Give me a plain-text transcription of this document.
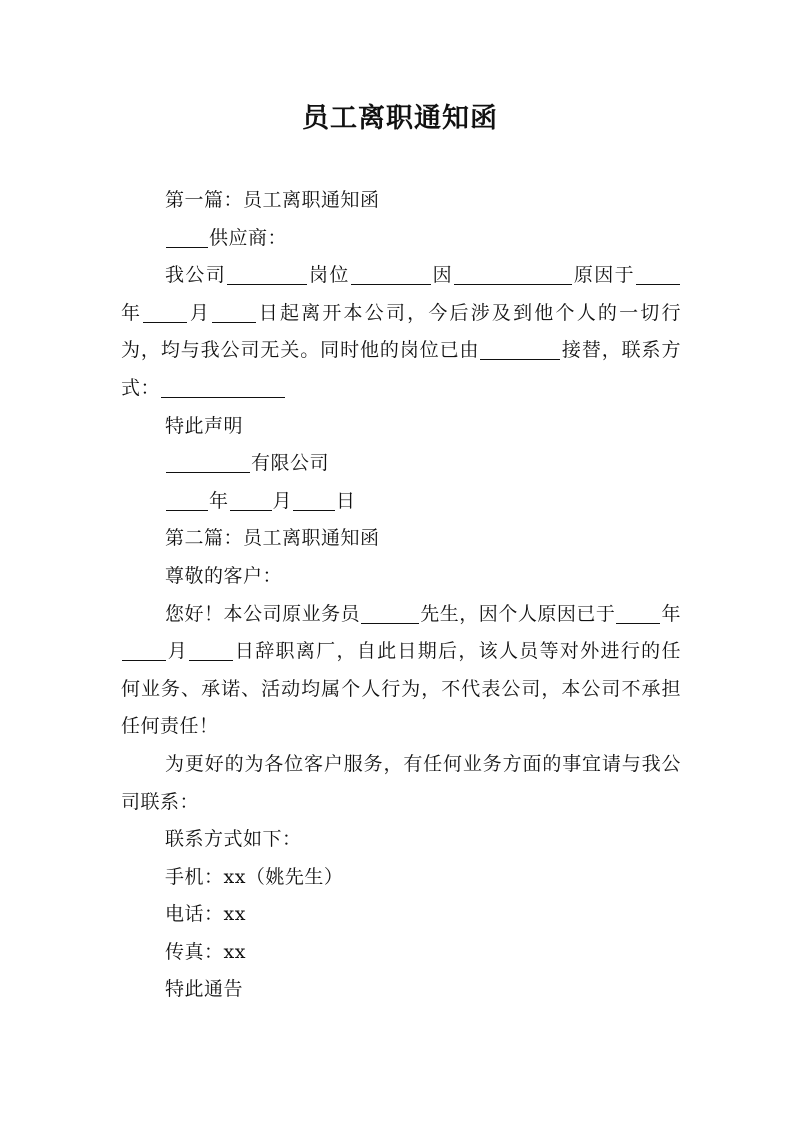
员工离职通知函

第一篇：员工离职通知函

供应商：

我公司	岗位	因	原因于年 月 日起离开本公司，今后涉及到他个人的一切行为，均与我公司无关。同时他的岗位已由	接替，联系方式：

特此声明

有限公司

年 月 日

第二篇：员工离职通知函

尊敬的客户：

您好！本公司原业务员	先生，因个人原因已于 年月 日辞职离厂，自此日期后，该人员等对外进行的任何业务、承诺、活动均属个人行为，不代表公司，本公司不承担任何责任！

为更好的为各位客户服务，有任何业务方面的事宜请与我公司联系：

联系方式如下：

手机：xx（姚先生）

电话：xx

传真：xx

特此通告
